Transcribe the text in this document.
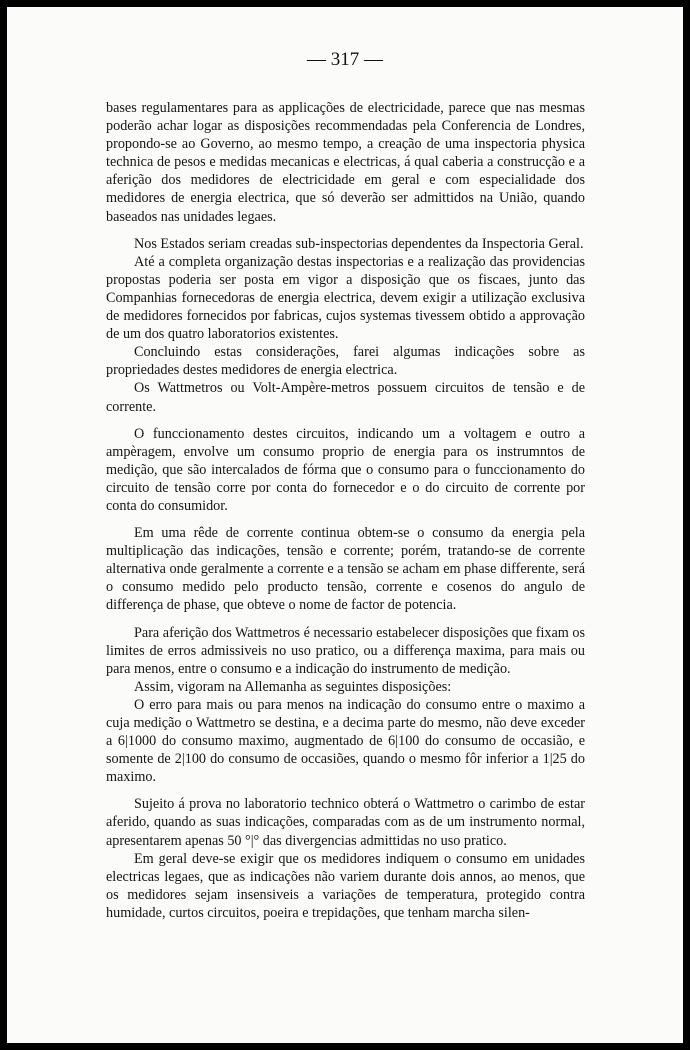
— 317 —

bases regulamentares para as applicações de electricidade, parece que nas mesmas poderão achar logar as disposições recommendadas pela Conferencia de Londres, propondo-se ao Governo, ao mesmo tempo, a creação de uma inspectoria physica technica de pesos e medidas mecanicas e electricas, á qual caberia a construcção e a aferição dos medidores de electricidade em geral e com especialidade dos medidores de energia electrica, que só deverão ser admittidos na União, quando baseados nas unidades legaes.

Nos Estados seriam creadas sub-inspectorias dependentes da Inspectoria Geral.

Até a completa organização destas inspectorias e a realização das providencias propostas poderia ser posta em vigor a disposição que os fiscaes, junto das Companhias fornecedoras de energia electrica, devem exigir a utilização exclusiva de medidores fornecidos por fabricas, cujos systemas tivessem obtido a approvação de um dos quatro laboratorios existentes.

Concluindo estas considerações, farei algumas indicações sobre as propriedades destes medidores de energia electrica.

Os Wattmetros ou Volt-Ampère-metros possuem circuitos de tensão e de corrente.

O funccionamento destes circuitos, indicando um a voltagem e outro a ampèragem, envolve um consumo proprio de energia para os instrumntos de medição, que são intercalados de fórma que o consumo para o funccionamento do circuito de tensão corre por conta do fornecedor e o do circuito de corrente por conta do consumidor.

Em uma rêde de corrente continua obtem-se o consumo da energia pela multiplicação das indicações, tensão e corrente; porém, tratando-se de corrente alternativa onde geralmente a corrente e a tensão se acham em phase differente, será o consumo medido pelo producto tensão, corrente e cosenos do angulo de differença de phase, que obteve o nome de factor de potencia.

Para aferição dos Wattmetros é necessario estabelecer disposições que fixam os limites de erros admissiveis no uso pratico, ou a differença maxima, para mais ou para menos, entre o consumo e a indicação do instrumento de medição.

Assim, vigoram na Allemanha as seguintes disposições:

O erro para mais ou para menos na indicação do consumo entre o maximo a cuja medição o Wattmetro se destina, e a decima parte do mesmo, não deve exceder a 6|1000 do consumo maximo, augmentado de 6|100 do consumo de occasião, e somente de 2|100 do consumo de occasiões, quando o mesmo fôr inferior a 1|25 do maximo.

Sujeito á prova no laboratorio technico obterá o Wattmetro o carimbo de estar aferido, quando as suas indicações, comparadas com as de um instrumento normal, apresentarem apenas 50 °|° das divergencias admittidas no uso pratico.

Em geral deve-se exigir que os medidores indiquem o consumo em unidades electricas legaes, que as indicações não variem durante dois annos, ao menos, que os medidores sejam insensiveis a variações de temperatura, protegido contra humidade, curtos circuitos, poeira e trepidações, que tenham marcha silen-
